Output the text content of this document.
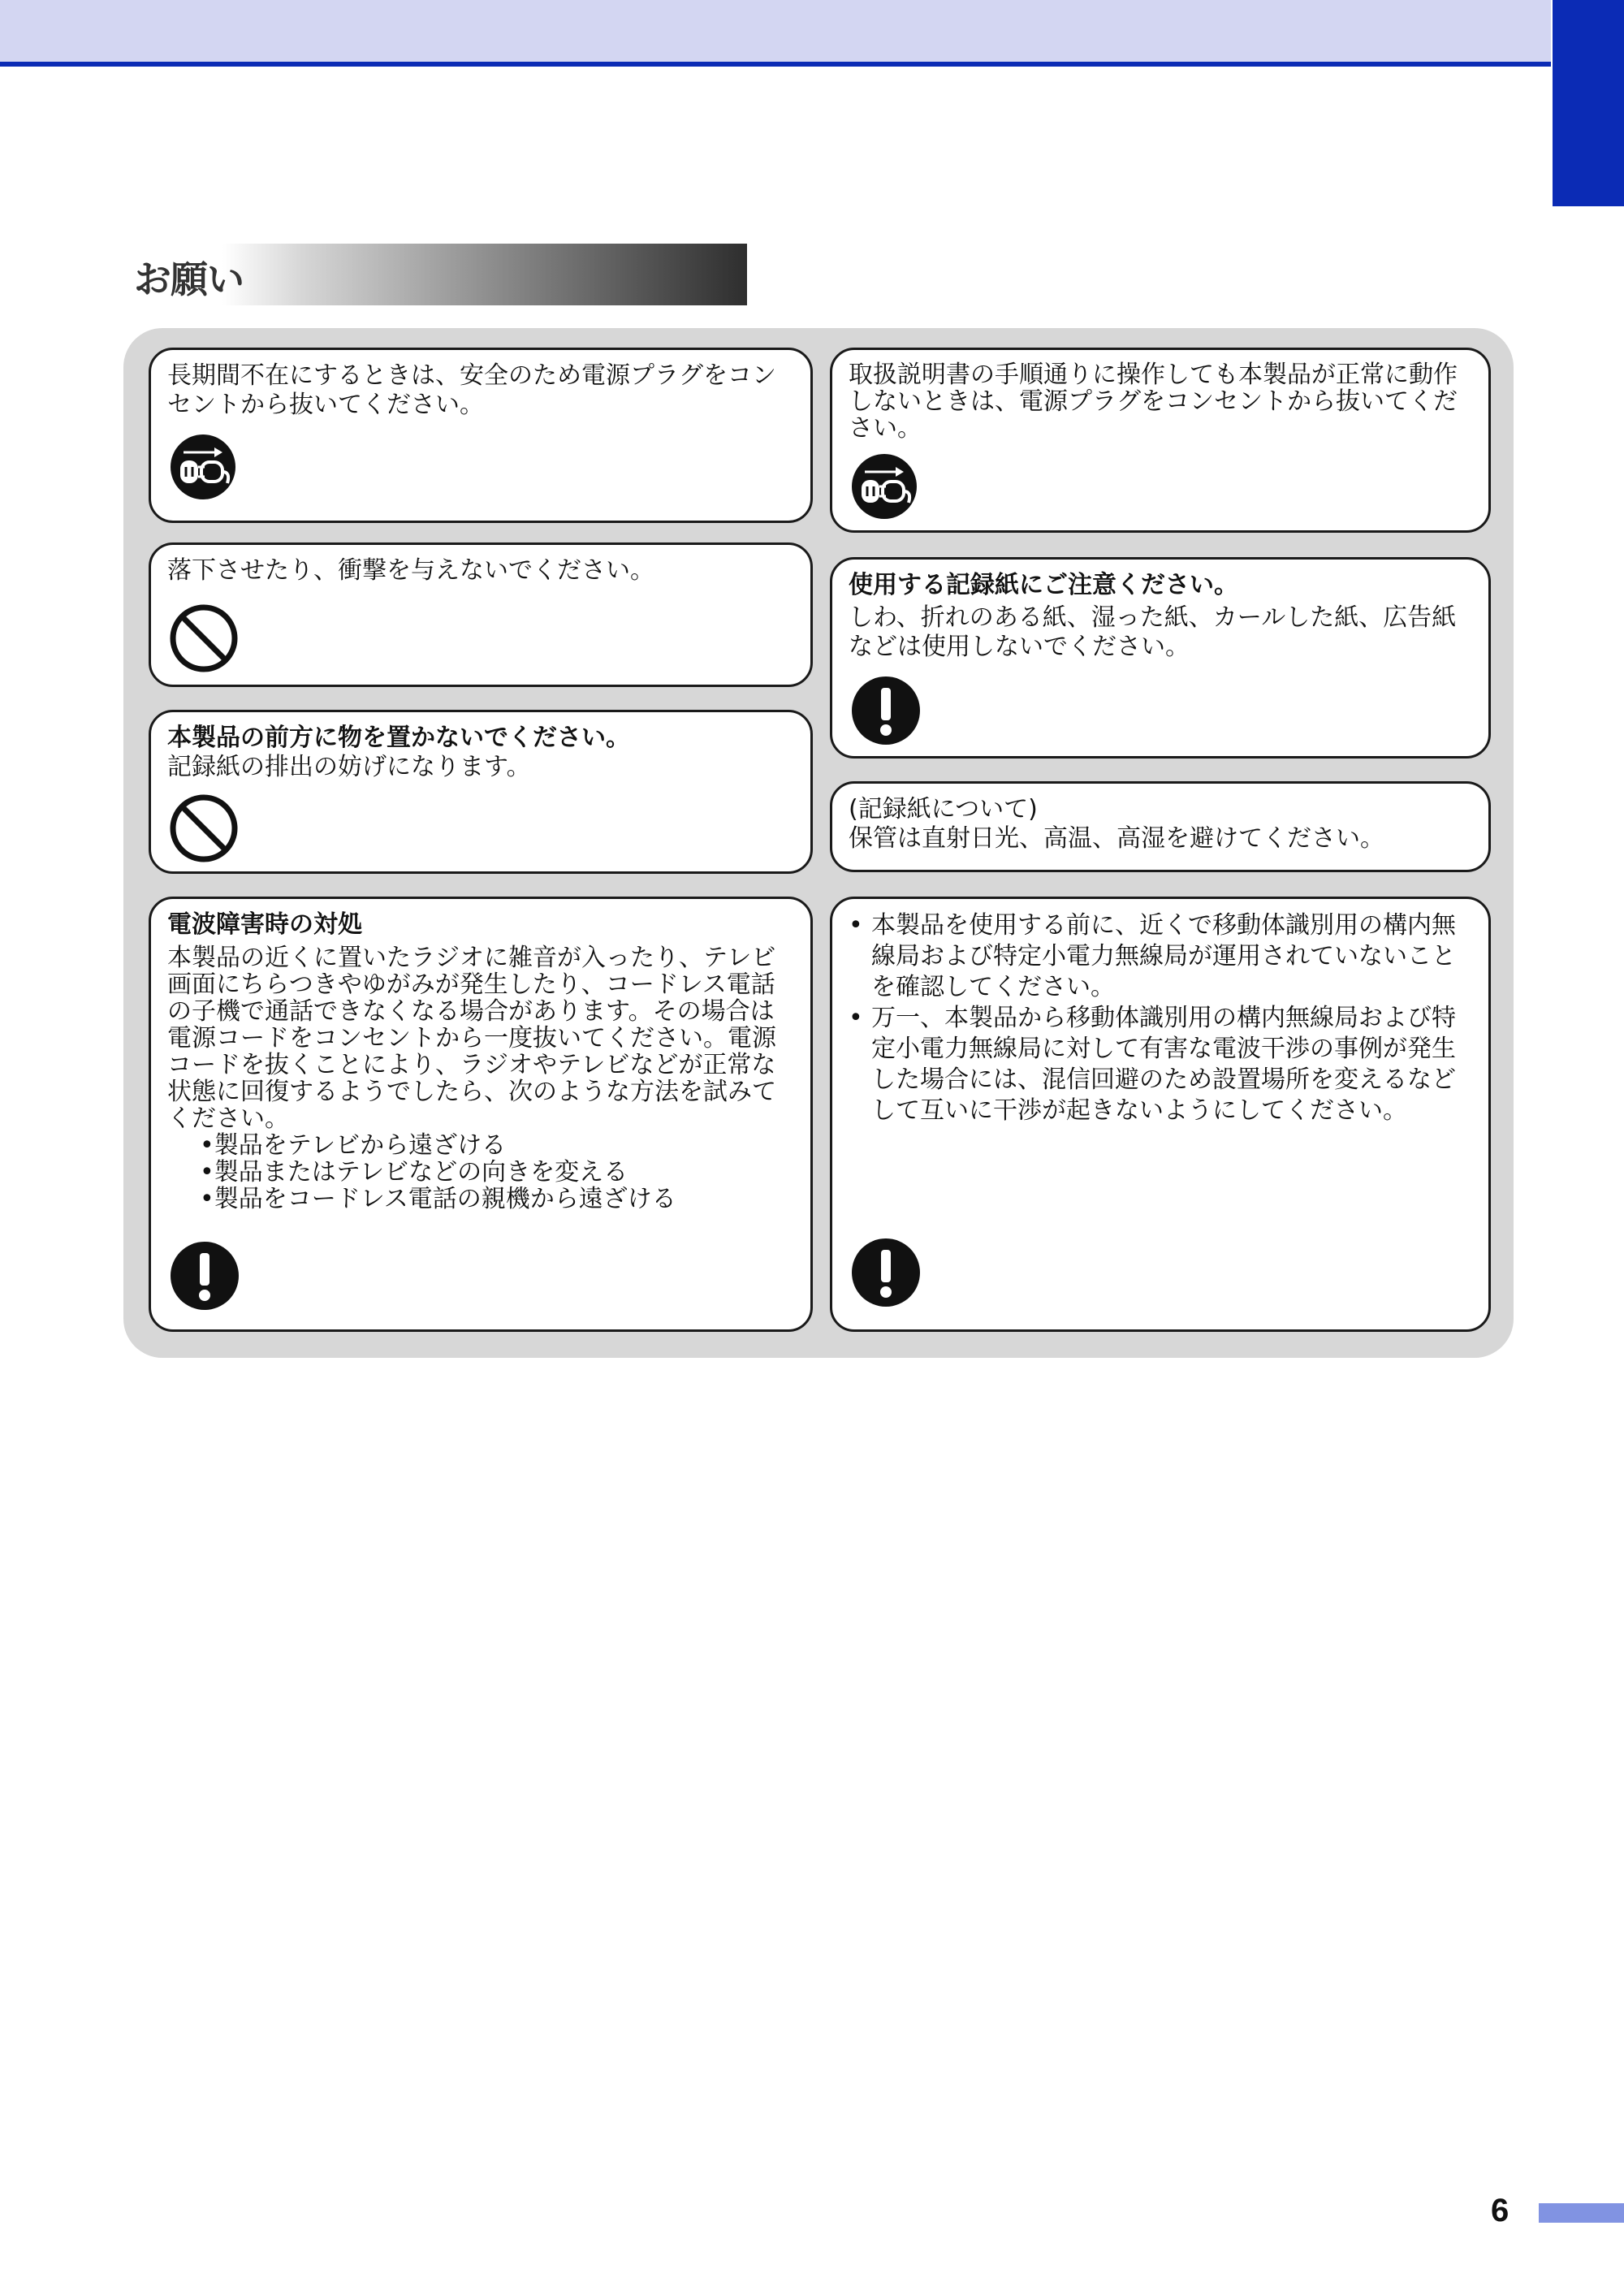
お願い

長期間不在にするときは、安全のため電源プラグをコンセントから抜いてください。

落下させたり、衝撃を与えないでください。

本製品の前方に物を置かないでください。

記録紙の排出の妨げになります。

電波障害時の対処

本製品の近くに置いたラジオに雑音が入ったり、テレビ画面にちらつきやゆがみが発生したり、コードレス電話の子機で通話できなくなる場合があります。その場合は電源コードをコンセントから一度抜いてください。電源コードを抜くことにより、ラジオやテレビなどが正常な状態に回復するようでしたら、次のような方法を試みてください。

•製品をテレビから遠ざける
•製品またはテレビなどの向きを変える
•製品をコードレス電話の親機から遠ざける

取扱説明書の手順通りに操作しても本製品が正常に動作しないときは、電源プラグをコンセントから抜いてください。

使用する記録紙にご注意ください。

しわ、折れのある紙、湿った紙、カールした紙、広告紙などは使用しないでください。

(記録紙について)

保管は直射日光、高温、高湿を避けてください。

• 本製品を使用する前に、近くで移動体識別用の構内無線局および特定小電力無線局が運用されていないことを確認してください。
• 万一、本製品から移動体識別用の構内無線局および特定小電力無線局に対して有害な電波干渉の事例が発生した場合には、混信回避のため設置場所を変えるなどして互いに干渉が起きないようにしてください。
6
